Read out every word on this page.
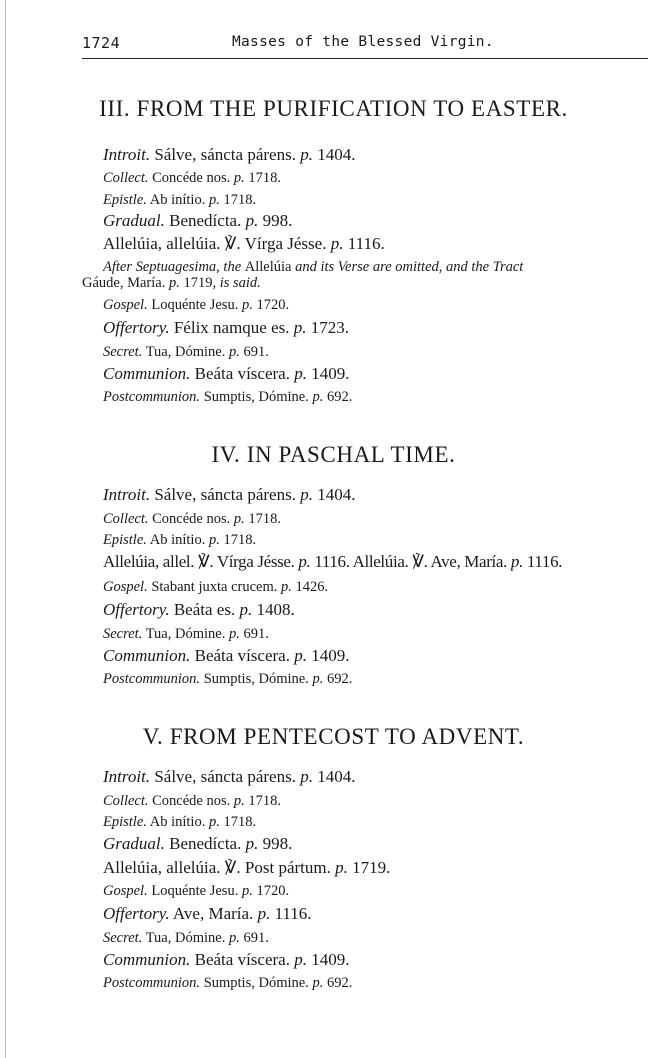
1724	Masses of the Blessed Virgin.
III. FROM THE PURIFICATION TO EASTER.
Introit. Sálve, sáncta párens. p. 1404.
Collect. Concéde nos. p. 1718.
Epistle. Ab inítio. p. 1718.
Gradual. Benedícta. p. 998.
Allelúia, allelúia. ℣. Vírga Jésse. p. 1116.
After Septuagesima, the Allelúia and its Verse are omitted, and the Tract
Gáude, María. p. 1719, is said.
Gospel. Loquénte Jesu. p. 1720.
Offertory. Félix namque es. p. 1723.
Secret. Tua, Dómine. p. 691.
Communion. Beáta víscera. p. 1409.
Postcommunion. Sumptis, Dómine. p. 692.
IV. IN PASCHAL TIME.
Introit. Sálve, sáncta párens. p. 1404.
Collect. Concéde nos. p. 1718.
Epistle. Ab inítio. p. 1718.
Allelúia, allel. ℣. Vírga Jésse. p. 1116. Allelúia. ℣. Ave, María. p. 1116.
Gospel. Stabant juxta crucem. p. 1426.
Offertory. Beáta es. p. 1408.
Secret. Tua, Dómine. p. 691.
Communion. Beáta víscera. p. 1409.
Postcommunion. Sumptis, Dómine. p. 692.
V. FROM PENTECOST TO ADVENT.
Introit. Sálve, sáncta párens. p. 1404.
Collect. Concéde nos. p. 1718.
Epistle. Ab inítio. p. 1718.
Gradual. Benedícta. p. 998.
Allelúia, allelúia. ℣. Post pártum. p. 1719.
Gospel. Loquénte Jesu. p. 1720.
Offertory. Ave, María. p. 1116.
Secret. Tua, Dómine. p. 691.
Communion. Beáta víscera. p. 1409.
Postcommunion. Sumptis, Dómine. p. 692.
